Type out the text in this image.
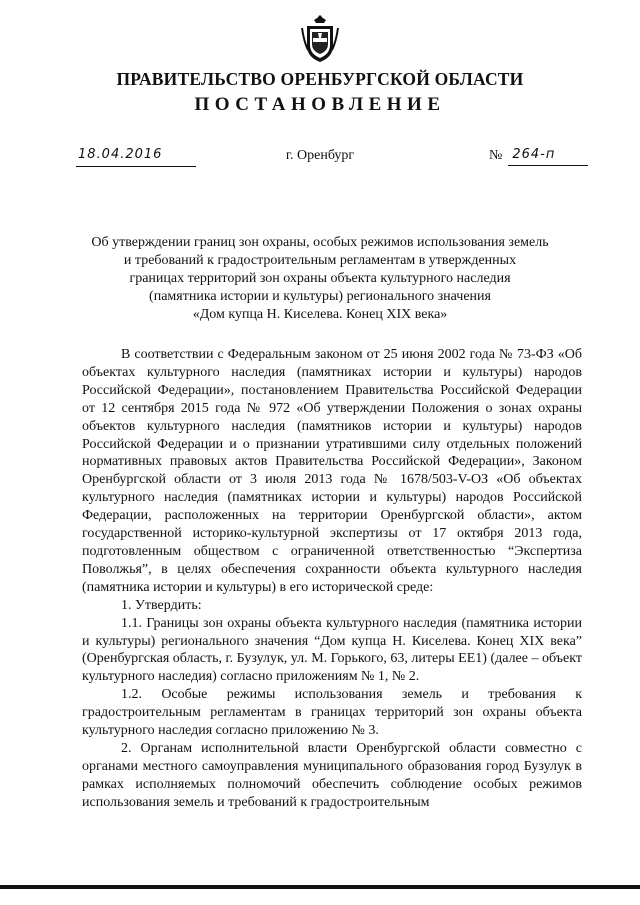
ПРАВИТЕЛЬСТВО ОРЕНБУРГСКОЙ ОБЛАСТИ
ПОСТАНОВЛЕНИЕ
18.04.2016	г. Оренбург	№ 264-п
Об утверждении границ зон охраны, особых режимов использования земель
и требований к градостроительным регламентам в утвержденных
границах территорий зон охраны объекта культурного наследия
(памятника истории и культуры) регионального значения
«Дом купца Н. Киселева. Конец XIX века»

В соответствии с Федеральным законом от 25 июня 2002 года № 73-ФЗ «Об объектах культурного наследия (памятниках истории и культуры) народов Российской Федерации», постановлением Правительства Российской Федерации от 12 сентября 2015 года № 972 «Об утверждении Положения о зонах охраны объектов культурного наследия (памятников истории и культуры) народов Российской Федерации и о признании утратившими силу отдельных положений нормативных правовых актов Правительства Российской Федерации», Законом Оренбургской области от 3 июля 2013 года № 1678/503-V-ОЗ «Об объектах культурного наследия (памятниках истории и культуры) народов Российской Федерации, расположенных на территории Оренбургской области», актом государственной историко-культурной экспертизы от 17 октября 2013 года, подготовленным обществом с ограниченной ответственностью “Экспертиза Поволжья”, в целях обеспечения сохранности объекта культурного наследия (памятника истории и культуры) в его исторической среде:

1. Утвердить:

1.1. Границы зон охраны объекта культурного наследия (памятника истории и культуры) регионального значения “Дом купца Н. Киселева. Конец XIX века” (Оренбургская область, г. Бузулук, ул. М. Горького, 63, литеры ЕЕ1) (далее – объект культурного наследия) согласно приложениям № 1, № 2.

1.2. Особые режимы использования земель и требования к градостроительным регламентам в границах территорий зон охраны объекта культурного наследия согласно приложению № 3.

2. Органам исполнительной власти Оренбургской области совместно с органами местного самоуправления муниципального образования город Бузулук в рамках исполняемых полномочий обеспечить соблюдение особых режимов использования земель и требований к градостроительным
